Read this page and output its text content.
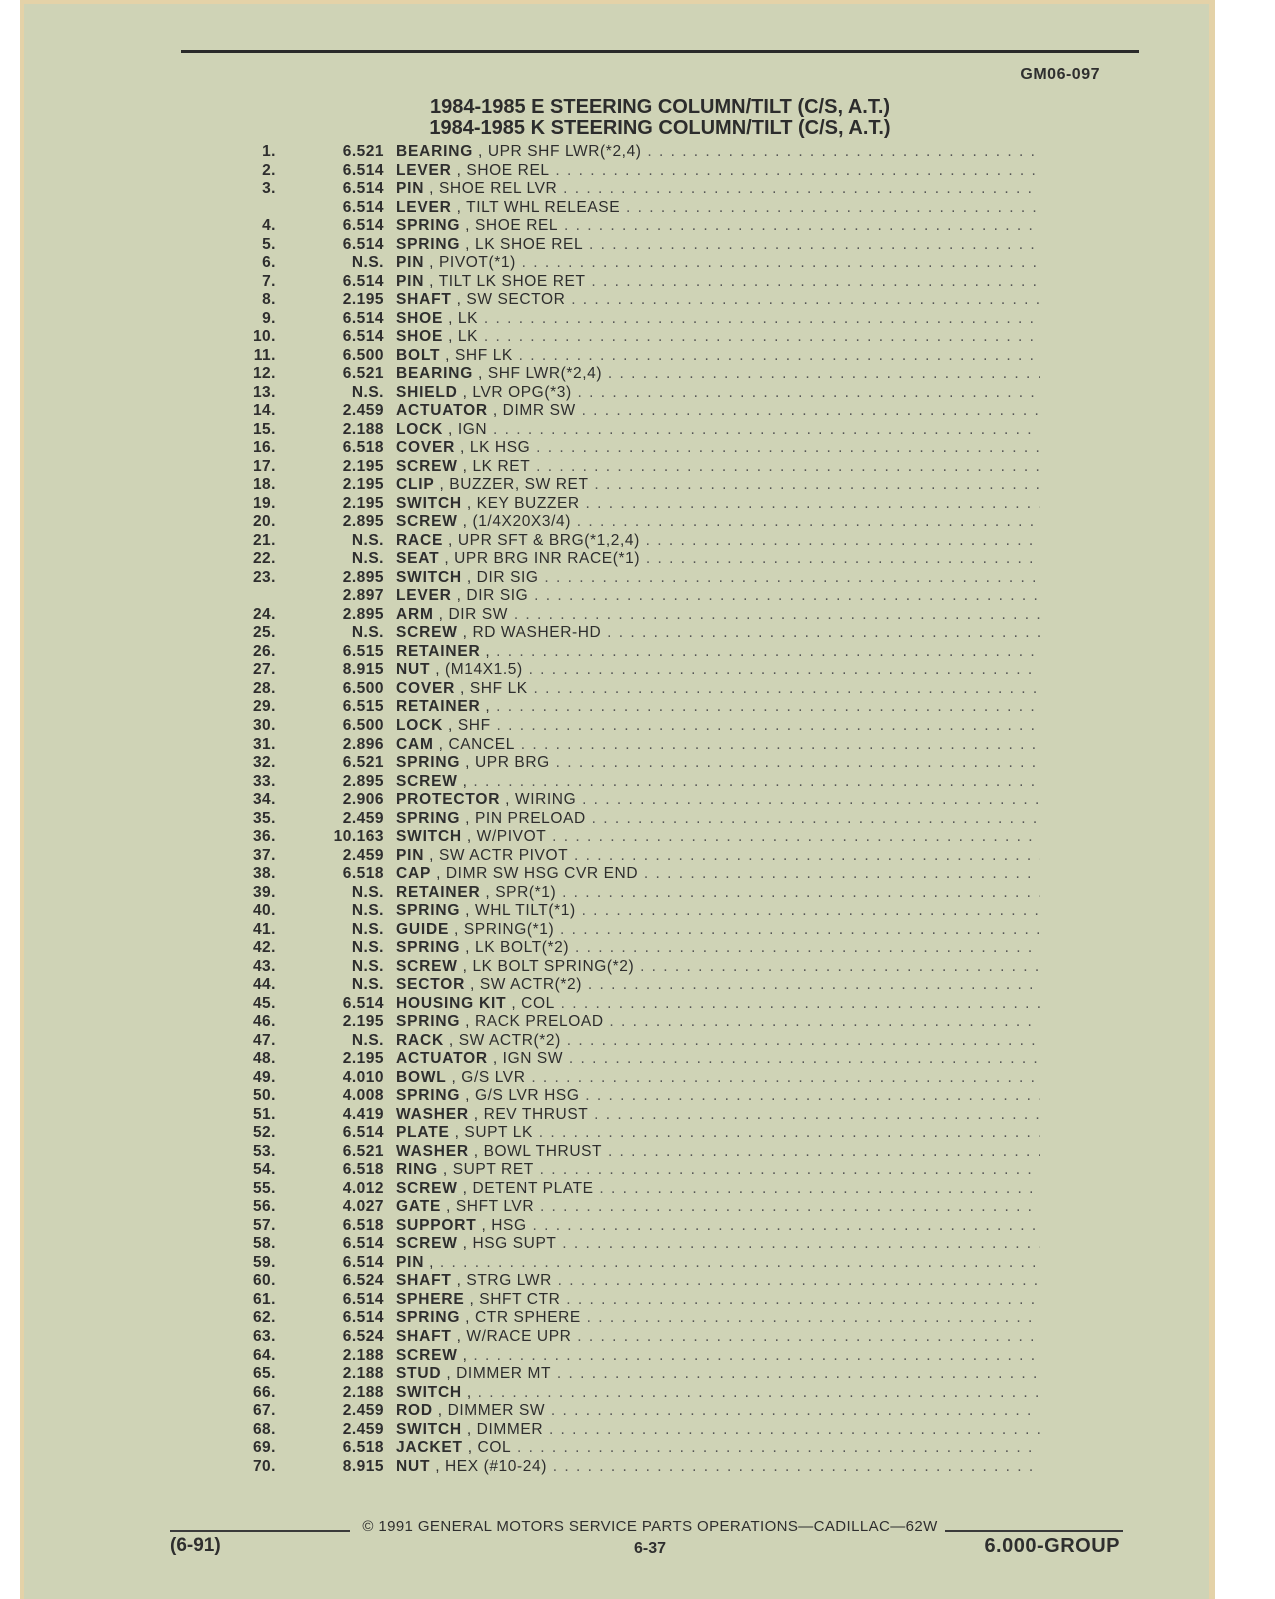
GM06-097
1984-1985 E STEERING COLUMN/TILT (C/S, A.T.)
1984-1985 K STEERING COLUMN/TILT (C/S, A.T.)
1.	6.521 BEARING , UPR SHF LWR(*2,4) . . .
2.	6.514 LEVER , SHOE REL . . .
3.	6.514 PIN , SHOE REL LVR . . .
6.514 LEVER , TILT WHL RELEASE . . .
4.	6.514 SPRING , SHOE REL . . .
5.	6.514 SPRING , LK SHOE REL . . .
6.	N.S. PIN , PIVOT(*1) . . .
7.	6.514 PIN , TILT LK SHOE RET . . .
8.	2.195 SHAFT , SW SECTOR . . .
9.	6.514 SHOE , LK . . .
10.	6.514 SHOE , LK . . .
11.	6.500 BOLT , SHF LK . . .
12.	6.521 BEARING , SHF LWR(*2,4) . . .
13.	N.S. SHIELD , LVR OPG(*3) . . .
14.	2.459 ACTUATOR , DIMR SW . . .
15.	2.188 LOCK , IGN . . .
16.	6.518 COVER , LK HSG . . .
17.	2.195 SCREW , LK RET . . .
18.	2.195 CLIP , BUZZER, SW RET . . .
19.	2.195 SWITCH , KEY BUZZER . . .
20.	2.895 SCREW , (1/4X20X3/4) . . .
21.	N.S. RACE , UPR SFT & BRG(*1,2,4) . . .
22.	N.S. SEAT , UPR BRG INR RACE(*1) . . .
23.	2.895 SWITCH , DIR SIG . . .
2.897 LEVER , DIR SIG . . .
24.	2.895 ARM , DIR SW . . .
25.	N.S. SCREW , RD WASHER-HD . . .
26.	6.515 RETAINER , . . .
27.	8.915 NUT , (M14X1.5) . . .
28.	6.500 COVER , SHF LK . . .
29.	6.515 RETAINER , . . .
30.	6.500 LOCK , SHF . . .
31.	2.896 CAM , CANCEL . . .
32.	6.521 SPRING , UPR BRG . . .
33.	2.895 SCREW , . . .
34.	2.906 PROTECTOR , WIRING . . .
35.	2.459 SPRING , PIN PRELOAD . . .
36.	10.163 SWITCH , W/PIVOT . . .
37.	2.459 PIN , SW ACTR PIVOT . . .
38.	6.518 CAP , DIMR SW HSG CVR END . . .
39.	N.S. RETAINER , SPR(*1) . . .
40.	N.S. SPRING , WHL TILT(*1) . . .
41.	N.S. GUIDE , SPRING(*1) . . .
42.	N.S. SPRING , LK BOLT(*2) . . .
43.	N.S. SCREW , LK BOLT SPRING(*2) . . .
44.	N.S. SECTOR , SW ACTR(*2) . . .
45.	6.514 HOUSING KIT , COL . . .
46.	2.195 SPRING , RACK PRELOAD . . .
47.	N.S. RACK , SW ACTR(*2) . . .
48.	2.195 ACTUATOR , IGN SW . . .
49.	4.010 BOWL , G/S LVR . . .
50.	4.008 SPRING , G/S LVR HSG . . .
51.	4.419 WASHER , REV THRUST . . .
52.	6.514 PLATE , SUPT LK . . .
53.	6.521 WASHER , BOWL THRUST . . .
54.	6.518 RING , SUPT RET . . .
55.	4.012 SCREW , DETENT PLATE . . .
56.	4.027 GATE , SHFT LVR . . .
57.	6.518 SUPPORT , HSG . . .
58.	6.514 SCREW , HSG SUPT . . .
59.	6.514 PIN , . . .
60.	6.524 SHAFT , STRG LWR . . .
61.	6.514 SPHERE , SHFT CTR . . .
62.	6.514 SPRING , CTR SPHERE . . .
63.	6.524 SHAFT , W/RACE UPR . . .
64.	2.188 SCREW , . . .
65.	2.188 STUD , DIMMER MT . . .
66.	2.188 SWITCH , . . .
67.	2.459 ROD , DIMMER SW . . .
68.	2.459 SWITCH , DIMMER . . .
69.	6.518 JACKET , COL . . .
70.	8.915 NUT , HEX (#10-24) . . .
© 1991 GENERAL MOTORS SERVICE PARTS OPERATIONS—CADILLAC—62W
(6-91)	6-37	6.000-GROUP
